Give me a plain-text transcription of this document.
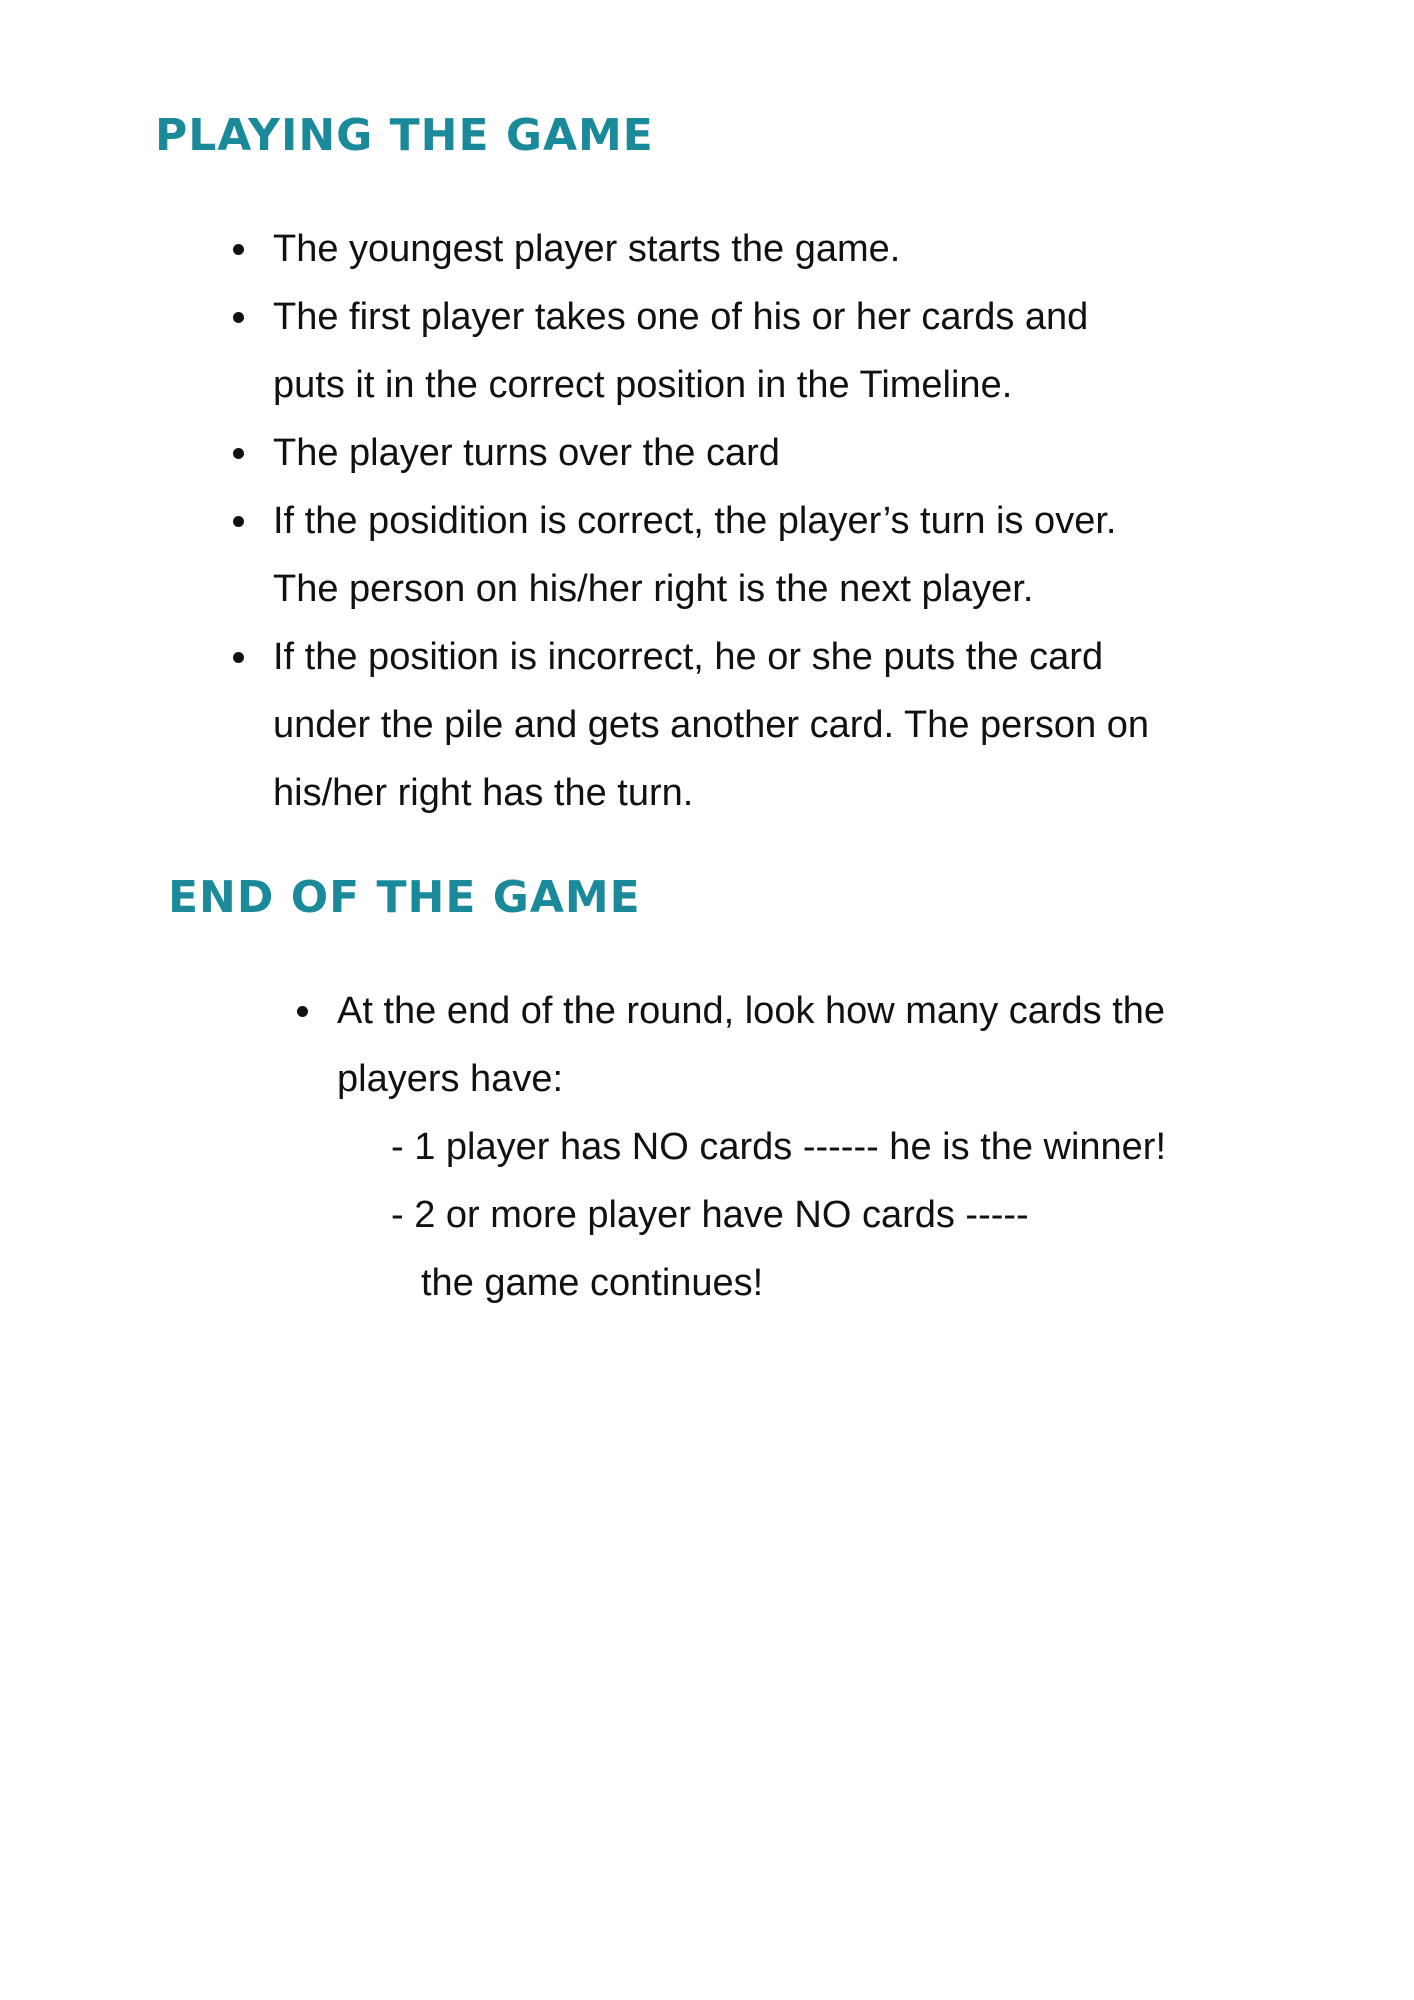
PLAYING THE GAME
The youngest player starts the game.
The first player takes one of his or her cards and
puts it in the correct position in the Timeline.
The player turns over the card
If the posidition is correct, the player’s turn is over.
The person on his/her right is the next player.
If the position is incorrect, he or she puts the card
under the pile and gets another card. The person on
his/her right has the turn.
END OF THE GAME
At the end of the round, look how many cards the
players have:
- 1 player has NO cards ------ he is the winner!
- 2 or more player have NO cards -----
the game continues!
